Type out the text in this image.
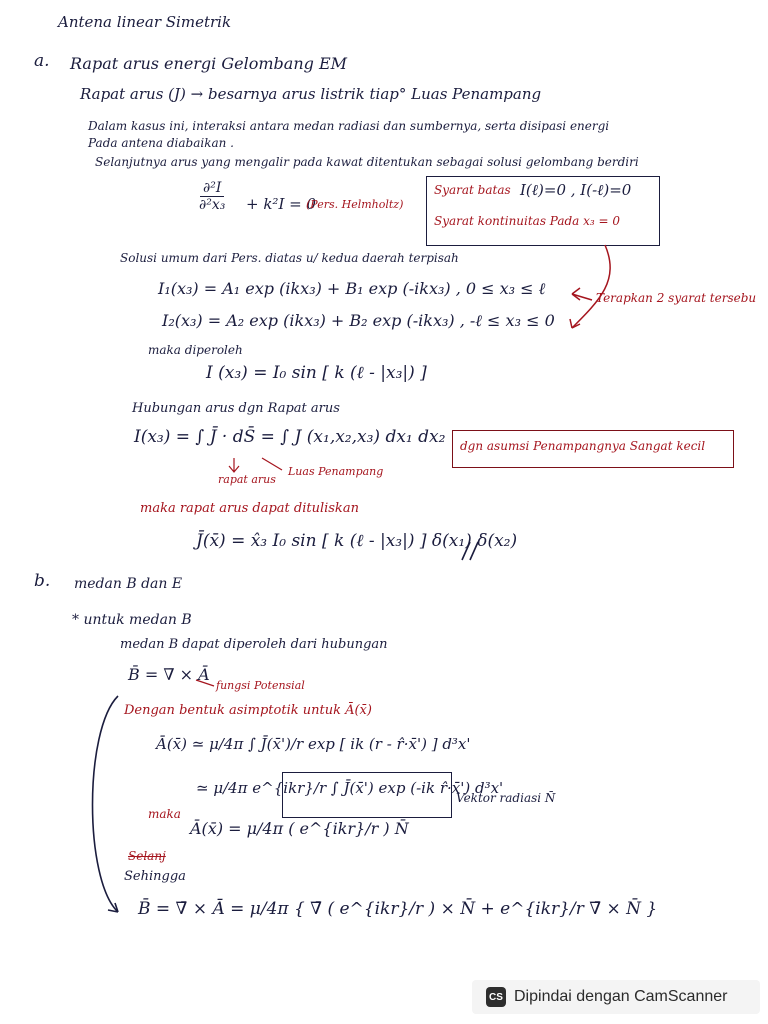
Antena linear Simetrik
a. Rapat arus energi Gelombang EM
Rapat arus (J) → besarnya arus listrik tiap° Luas Penampang
Dalam kasus ini, interaksi antara medan radiasi dan sumbernya, serta disipasi energi
Pada antena diabaikan .
Selanjutnya arus yang mengalir pada kawat ditentukan sebagai solusi gelombang berdiri
$\frac{\text{∂²I}}{\text{∂²x₃}} + k^2I = 0$
(Pers. Helmholtz)
Syarat batas I(ℓ)=0 , I(-ℓ)=0
Syarat kontinuitas Pada x₃ = 0
Solusi umum dari Pers. diatas u/ kedua daerah terpisah
I₁(x₃) = A₁ exp (ikx₃) + B₁ exp (-ikx₃) , 0 ≤ x₃ ≤ ℓ
I₂(x₃) = A₂ exp (ikx₃) + B₂ exp (-ikx₃) , -ℓ ≤ x₃ ≤ 0
Terapkan 2 syarat tersebu
maka diperoleh
I (x₃) = I₀ sin [ k (ℓ - |x₃|) ]
Hubungan arus dgn Rapat arus
I(x₃) = ∫ J̄ · dS̄ = ∫ J (x₁,x₂,x₃) dx₁ dx₂ dgn asumsi Penampangnya Sangat kecil
rapat arus
Luas Penampang
maka rapat arus dapat dituliskan
J̄(x̄) = x̂₃ I₀ sin [ k (ℓ - |x₃|) ] δ(x₁) δ(x₂)
b. medan B dan E
* untuk medan B
medan B dapat diperoleh dari hubungan
B̄ = ∇̄ × Ā
fungsi Potensial
Dengan bentuk asimptotik untuk Ā(x̄)
Ā(x̄) ≃ μ/4π ∫ J̄(x̄')/r exp [ ik (r - r̂·x̄') ] d³x'
≃ μ/4π e^{ikr}/r ∫ J̄(x̄') exp (-ik r̂·x̄') d³x'
Vektor radiasi N̄
maka
Ā(x̄) = μ/4π ( e^{ikr}/r ) N̄
Selanj
Sehingga
B̄ = ∇̄ × Ā = μ/4π { ∇̄ ( e^{ikr}/r ) × N̄ + e^{ikr}/r ∇̄ × N̄ }
CS Dipindai dengan CamScanner
